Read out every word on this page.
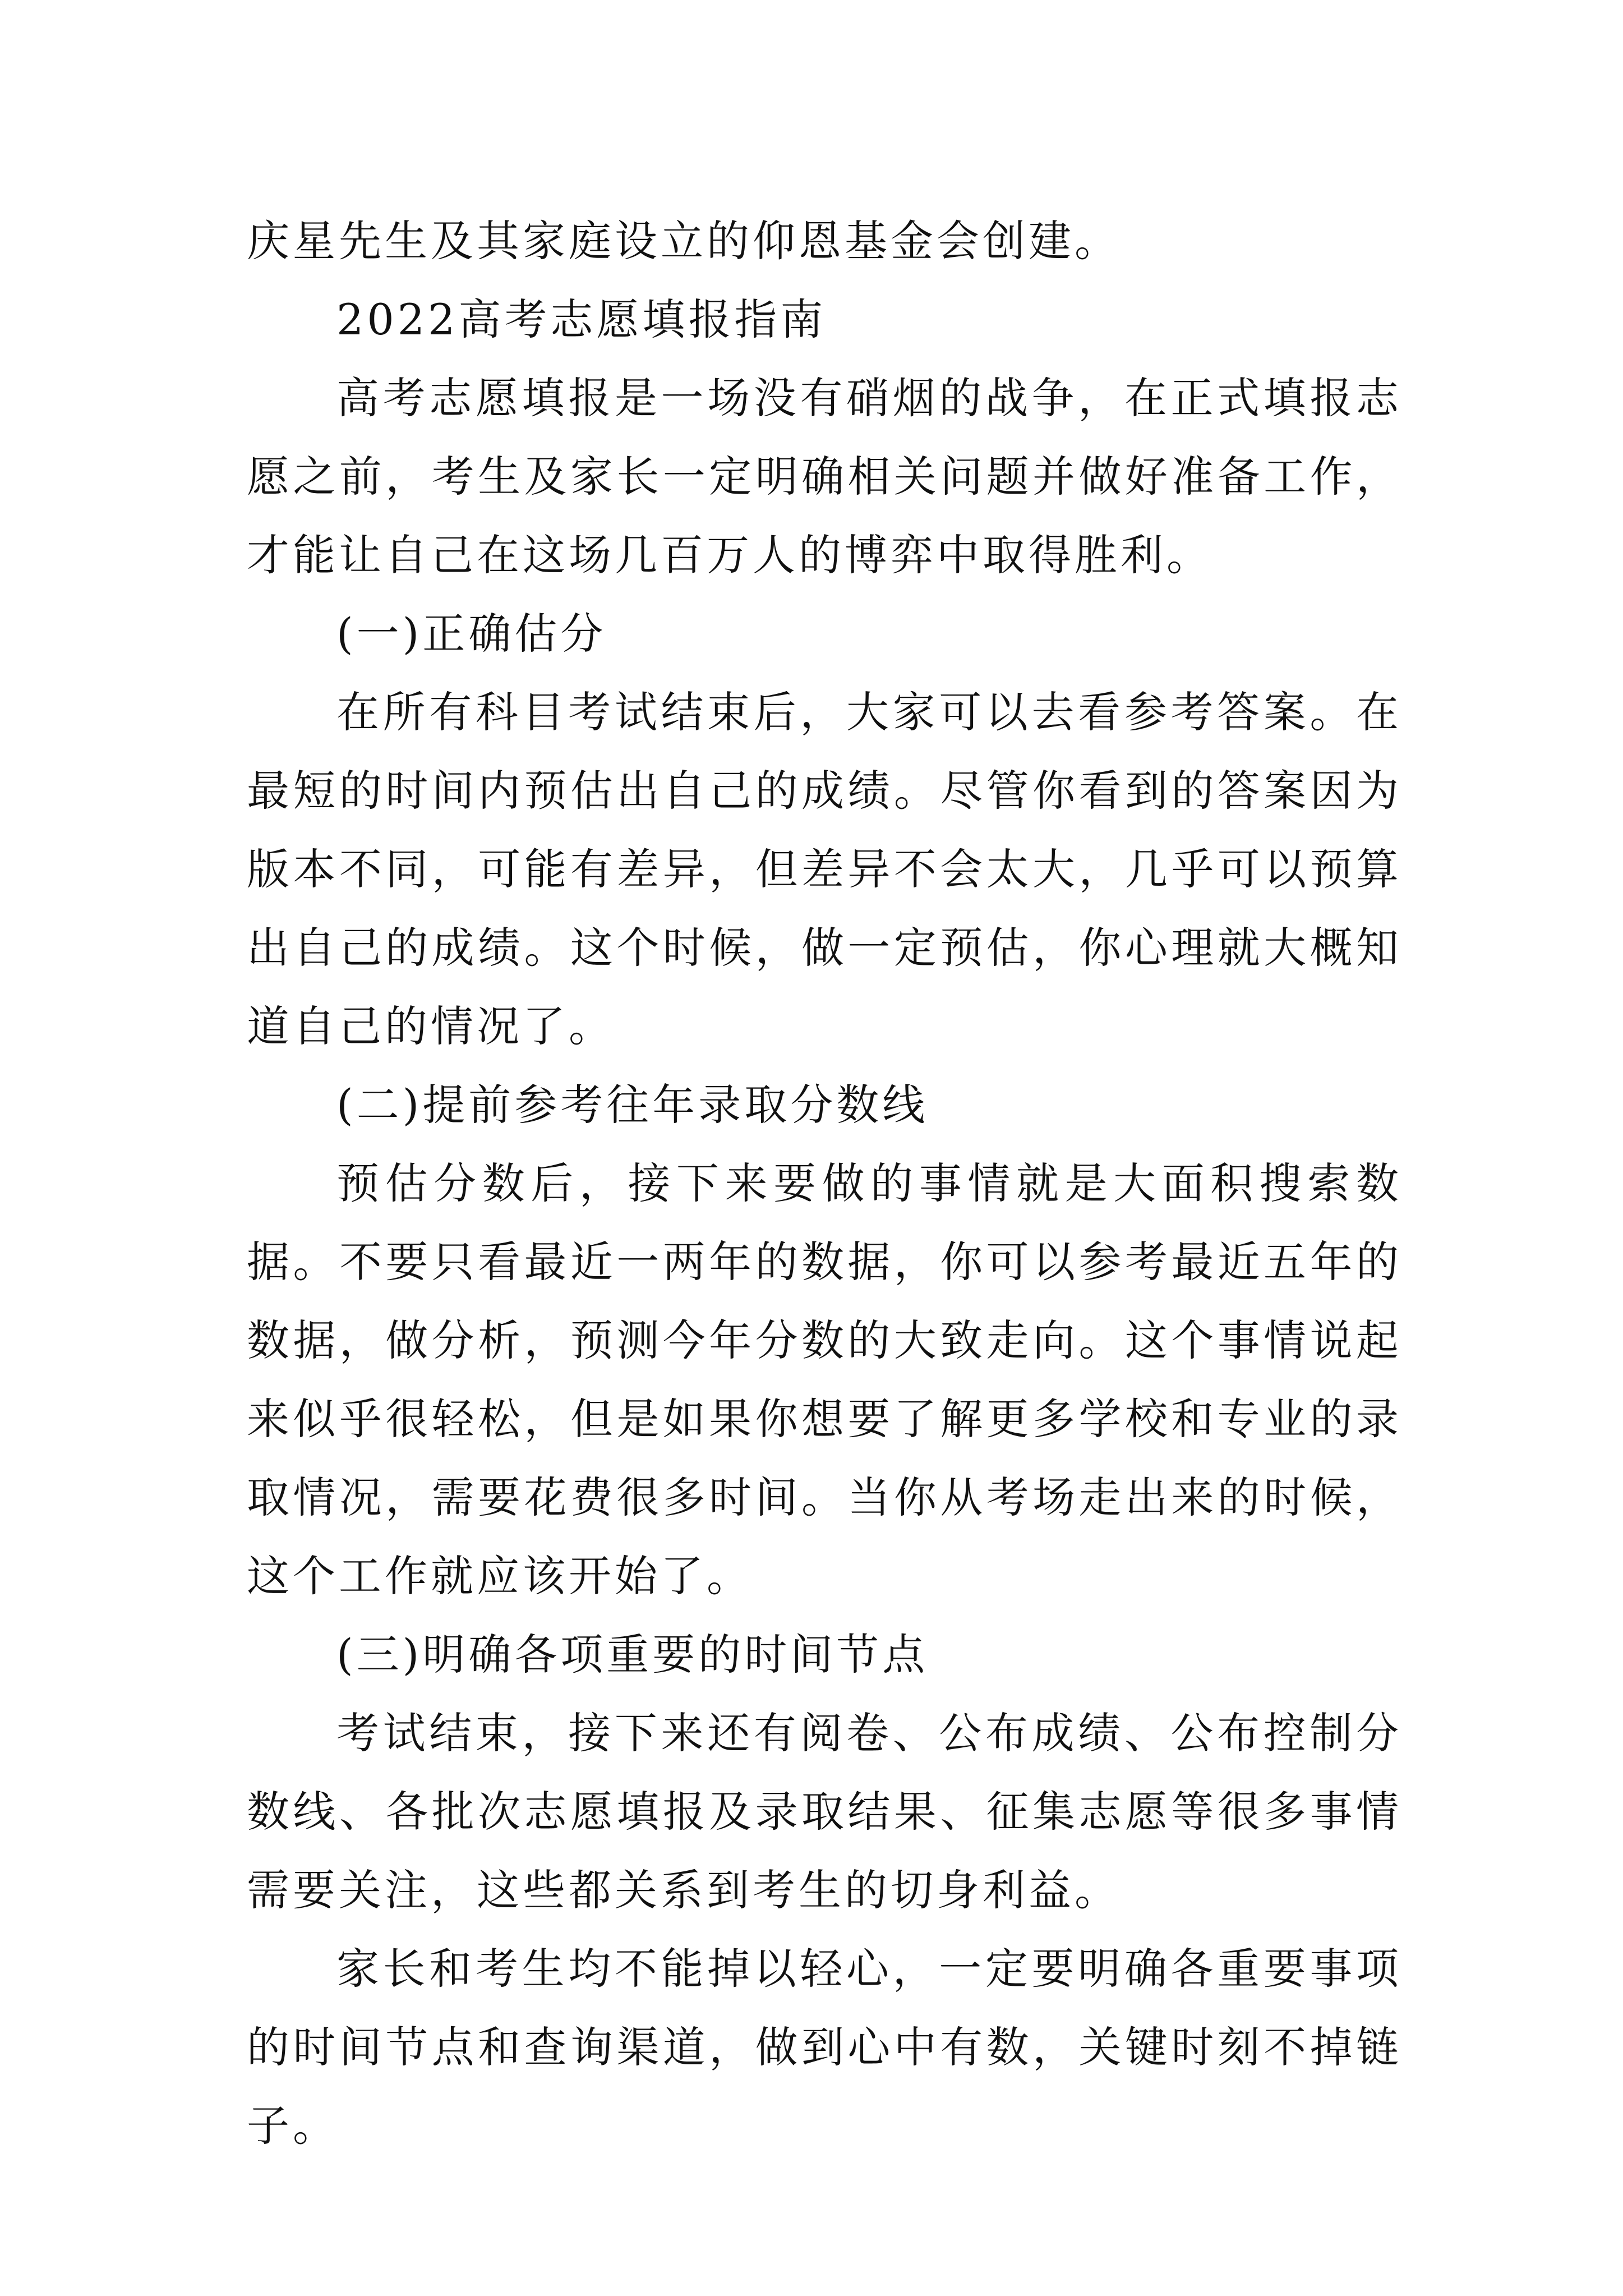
庆星先生及其家庭设立的仰恩基金会创建。

2022高考志愿填报指南

高考志愿填报是一场没有硝烟的战争，在正式填报志愿之前，考生及家长一定明确相关问题并做好准备工作，才能让自己在这场几百万人的博弈中取得胜利。

(一)正确估分

在所有科目考试结束后，大家可以去看参考答案。在最短的时间内预估出自己的成绩。尽管你看到的答案因为版本不同，可能有差异，但差异不会太大，几乎可以预算出自己的成绩。这个时候，做一定预估，你心理就大概知道自己的情况了。

(二)提前参考往年录取分数线

预估分数后，接下来要做的事情就是大面积搜索数据。不要只看最近一两年的数据，你可以参考最近五年的数据，做分析，预测今年分数的大致走向。这个事情说起来似乎很轻松，但是如果你想要了解更多学校和专业的录取情况，需要花费很多时间。当你从考场走出来的时候，这个工作就应该开始了。

(三)明确各项重要的时间节点

考试结束，接下来还有阅卷、公布成绩、公布控制分数线、各批次志愿填报及录取结果、征集志愿等很多事情需要关注，这些都关系到考生的切身利益。

家长和考生均不能掉以轻心，一定要明确各重要事项的时间节点和查询渠道，做到心中有数，关键时刻不掉链子。
